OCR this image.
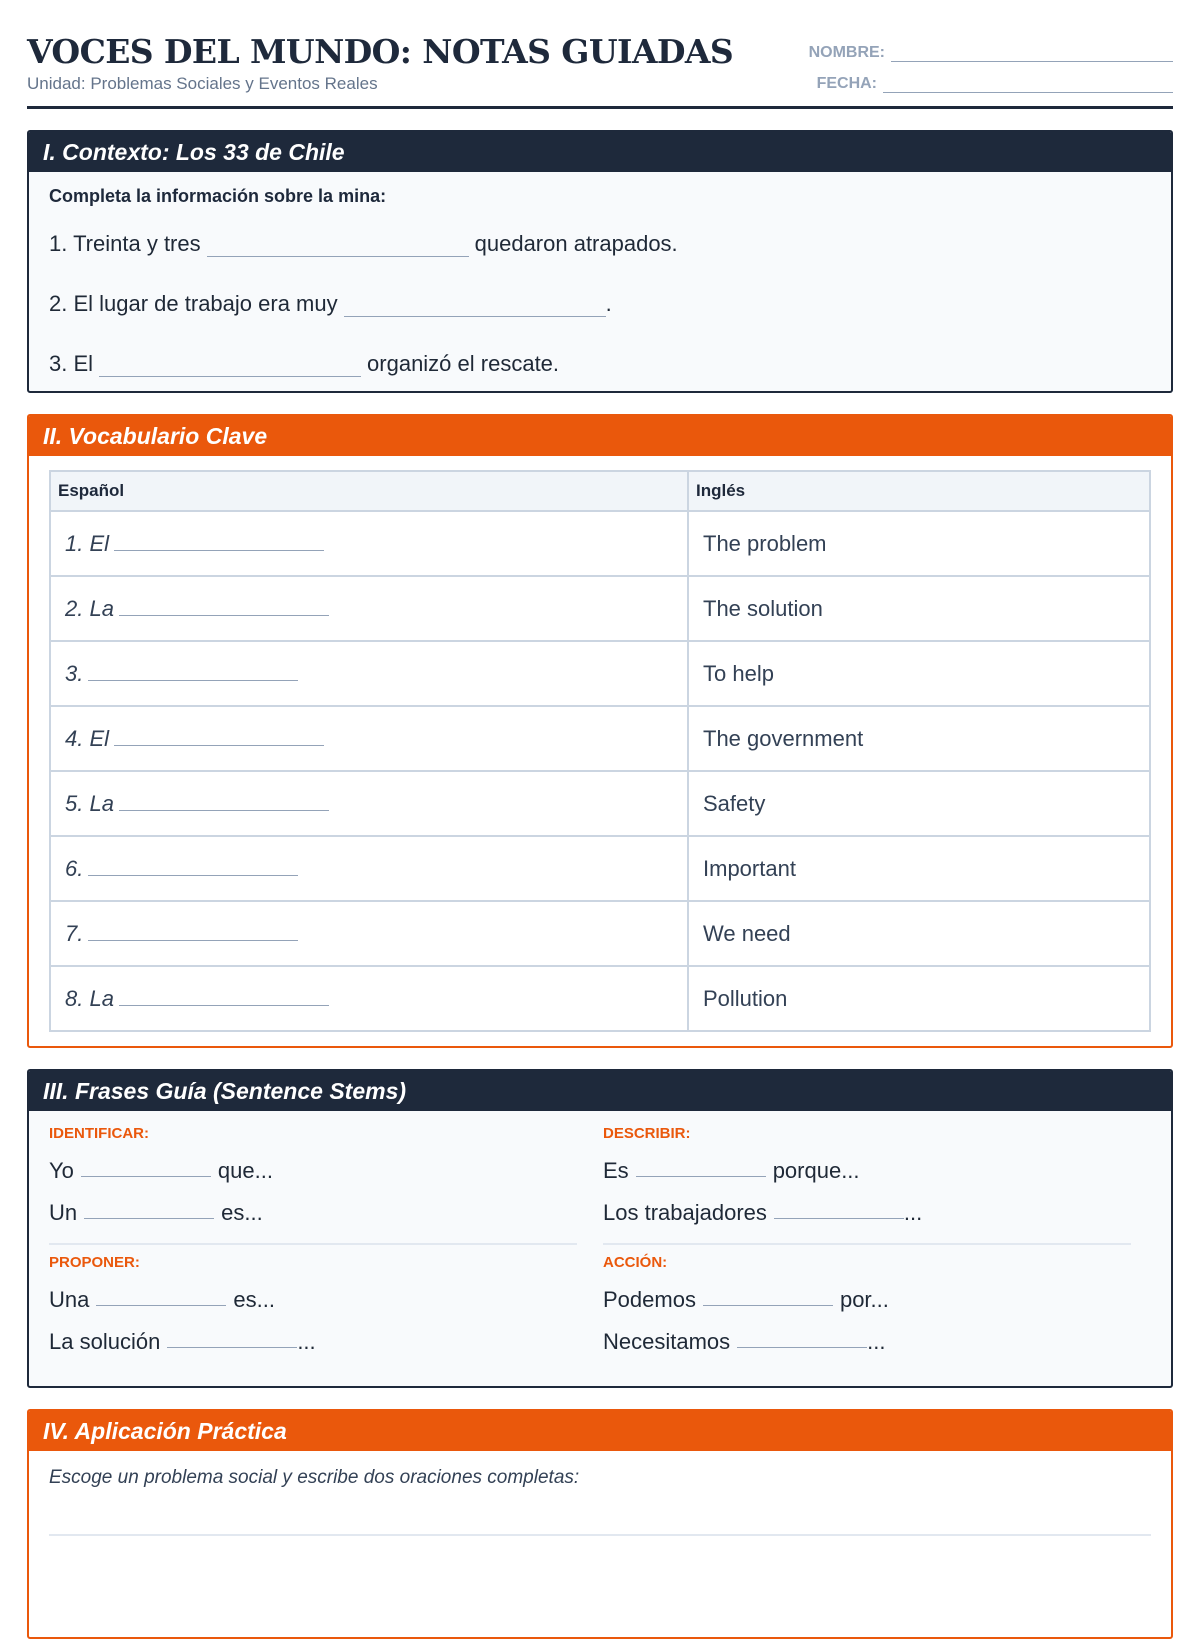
VOCES DEL MUNDO: NOTAS GUIADAS
Unidad: Problemas Sociales y Eventos Reales
NOMBRE:
FECHA:
I. Contexto: Los 33 de Chile
Completa la información sobre la mina:
1. Treinta y tres	quedaron atrapados.
2. El lugar de trabajo era muy	.
3. El	organizó el rescate.
II. Vocabulario Clave
Español	Inglés
1. El	The problem
2. La	The solution
3.	To help
4. El	The government
5. La	Safety
6.	Important
7.	We need
8. La	Pollution
III. Frases Guía (Sentence Stems)
IDENTIFICAR:
Yo	que...
Un	es...
DESCRIBIR:
Es	porque...
Los trabajadores	...
PROPONER:
Una	es...
La solución	...
ACCIÓN:
Podemos	por...
Necesitamos	...
IV. Aplicación Práctica
Escoge un problema social y escribe dos oraciones completas:
